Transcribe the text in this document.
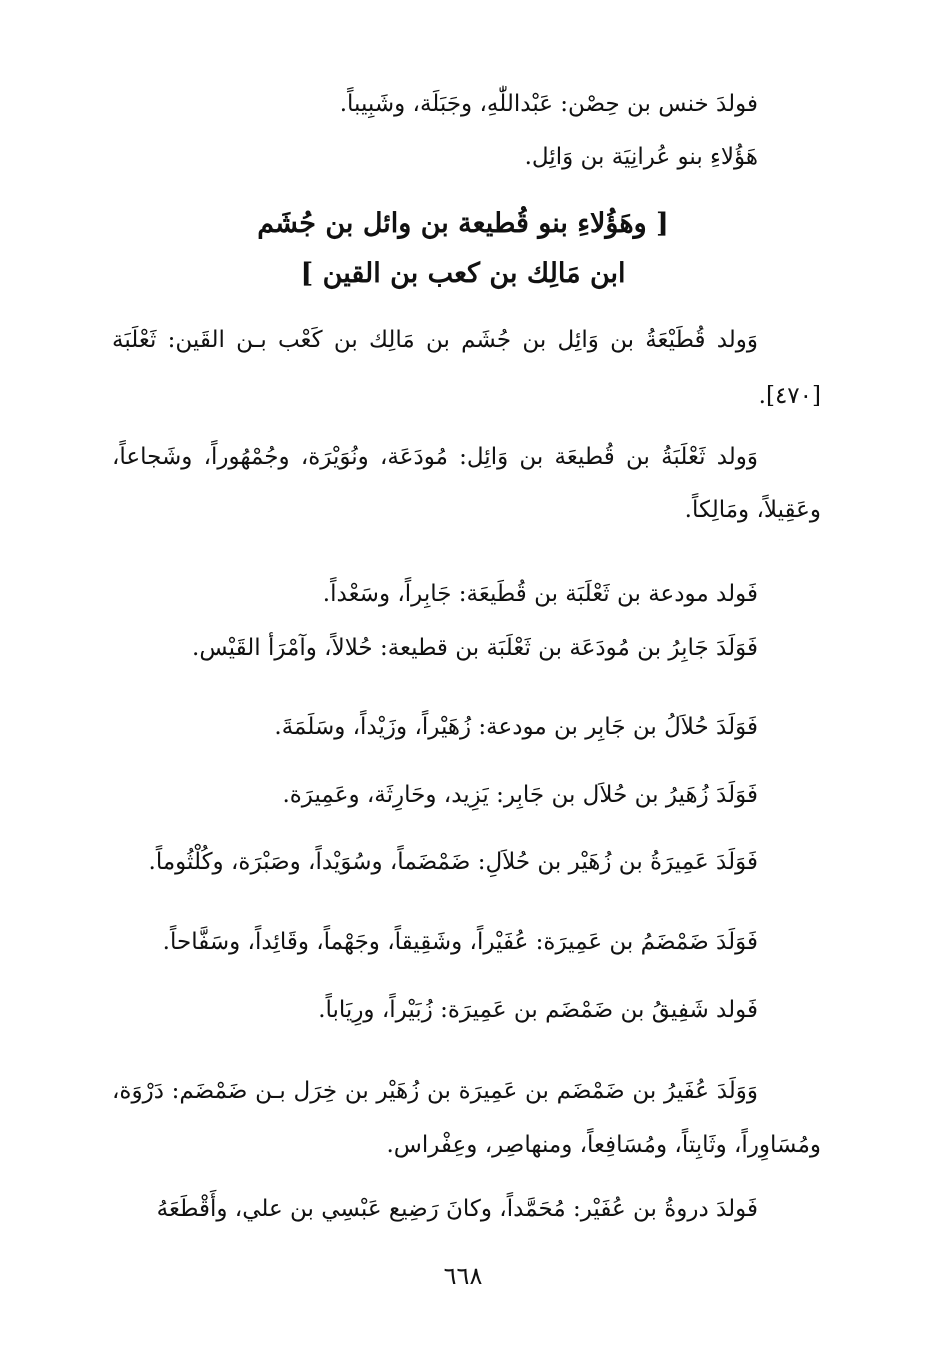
فولدَ خنس بن حِصْن: عَبْداللّٰهِ، وجَبَلَة، وشَبِيباً.
هَؤُلاءِ بنو عُرانِيَة بن وَائِل.
[ وهَؤُلاءِ بنو قُطيعة بن وائل بن جُشَم
ابن مَالِك بن كعب بن القين ]
وَولد قُطَيْعَةُ بن وَائِل بن جُشَم بن مَالِك بن كَعْب بـن القَين: ثَعْلَبَة
[٤٧٠].
وَولد ثَعْلَبَةُ بن قُطيعَة بن وَائِل: مُودَعَة، ونُوَيْرَة، وجُمْهُوراً، وشَجاعاً،
وعَقِيلاً، ومَالِكاً.
فَولد مودعة بن ثَعْلَبَة بن قُطَيعَة: جَابِراً، وسَعْداً.
فَوَلَدَ جَابِرُ بن مُودَعَة بن ثَعْلَبَة بن قطيعة: حُلالاً، وآمْرَأ القَيْس.
فَوَلَدَ حُلاَلُ بن جَابِر بن مودعة: زُهَيْراً، وزَيْداً، وسَلَمَةَ.
فَوَلَدَ زُهَيرُ بن حُلاَل بن جَابِر: يَزِيد، وحَارِثَة، وعَمِيرَة.
فَوَلَدَ عَمِيرَةُ بن زُهَيْر بن حُلاَلِ: ضَمْضَماً، وسُوَيْداً، وصَبْرَة، وكُلْثُوماً.
فَوَلَدَ ضَمْضَمُ بن عَمِيرَة: عُفَيْراً، وشَقِيقاً، وجَهْماً، وقَائِداً، وسَفَّاحاً.
فَولد شَفِيقُ بن ضَمْضَم بن عَمِيرَة: زُبَيْراً، ورِيَاباً.
وَوَلَدَ عُفَيرُ بن ضَمْضَم بن عَمِيرَة بن زُهَيْر بن خِرَل بـن ضَمْضَم: دَرْوَة،
ومُسَاوِراً، وثَابِتاً، ومُسَافِعاً، ومنهاصِر، وعِفْراس.
فَولدَ دروةُ بن عُفَيْر: مُحَمَّداً، وكانَ رَضِيع عَبْسِي بن علي، وأَقْطَعَهُ
٦٦٨
